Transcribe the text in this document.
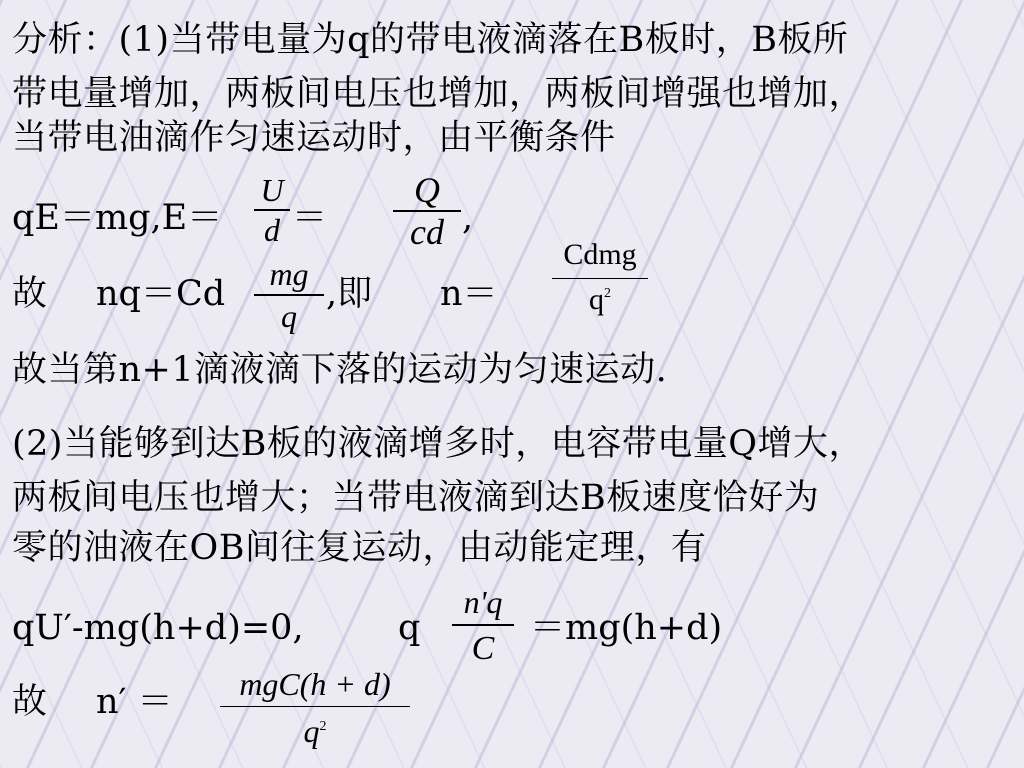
分析：(1)当带电量为q的带电液滴落在B板时，B板所
带电量增加，两板间电压也增加，两板间增强也增加，
当带电油滴作匀速运动时，由平衡条件
qE＝mg,E＝
U
d ＝
Q
cd ,
故 nq＝Cd	mg
q
,即 n＝
Cdmg
$q^2$
故当第n+1滴液滴下落的运动为匀速运动.
(2)当能够到达B板的液滴增多时，电容带电量Q增大，
两板间电压也增大；当带电液滴到达B板速度恰好为
零的油液在OB间往复运动，由动能定理，有
qU′-mg(h+d)=0,	q
n'q
C
＝mg(h+d)
故 n′ ＝	mgC(h + d)
$q^2$
